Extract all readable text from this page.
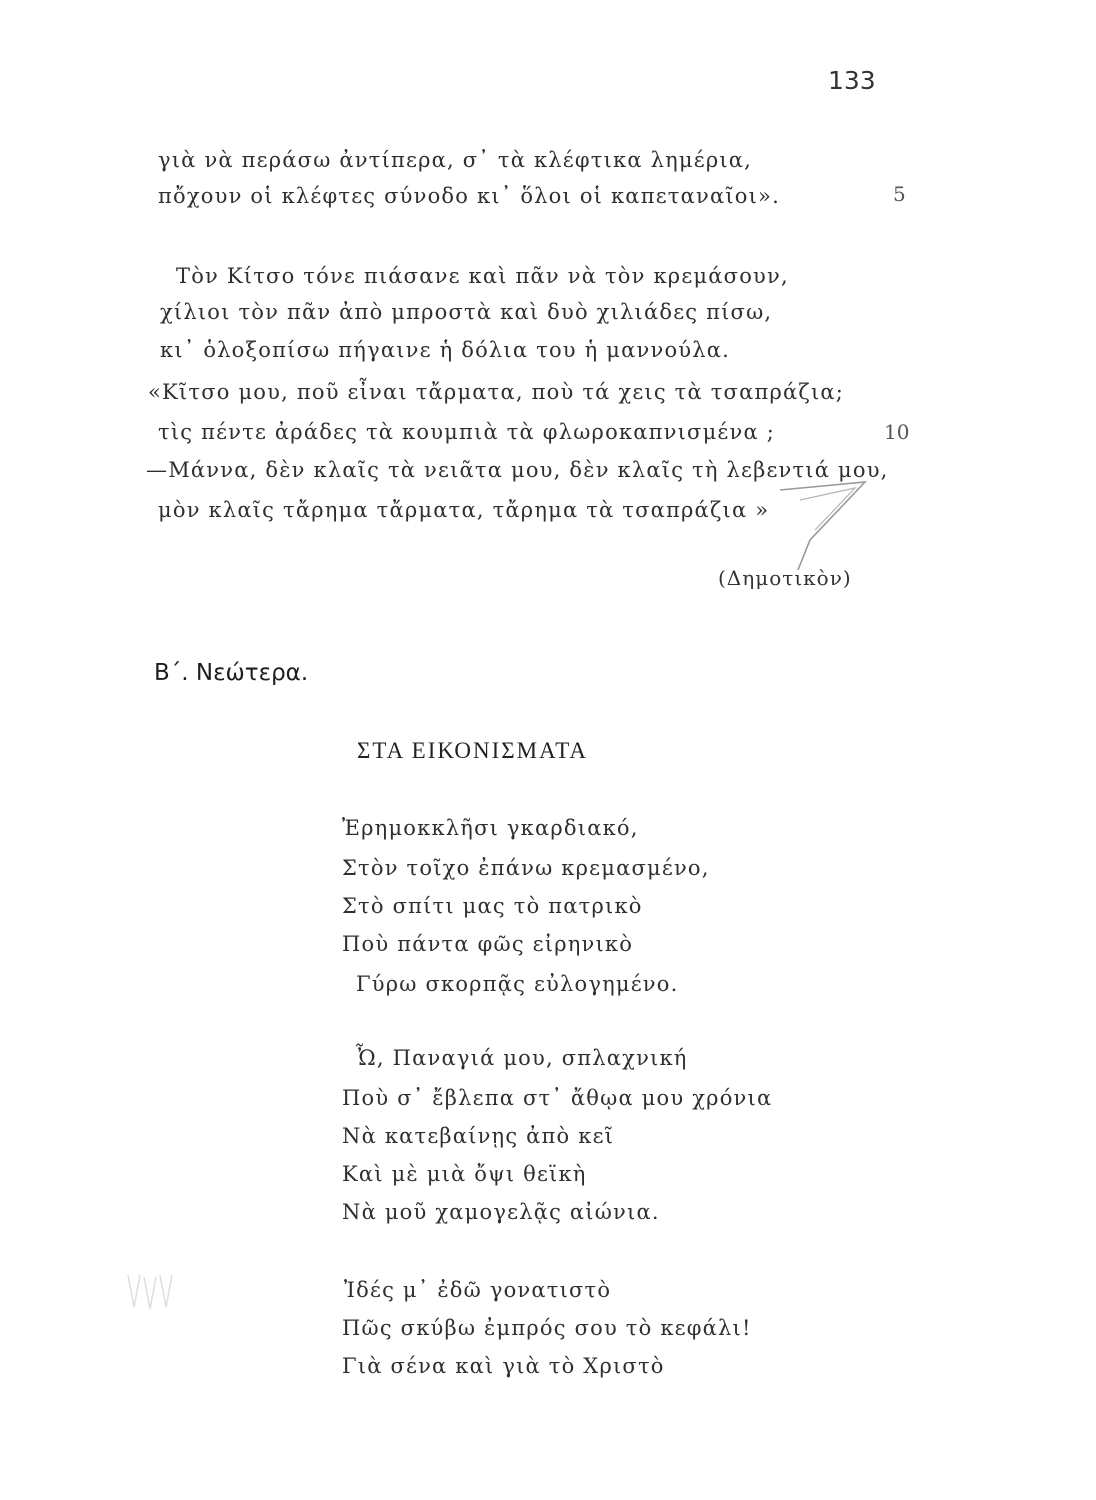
133
γιὰ νὰ περάσω ἀντίπερα, σ᾿ τὰ κλέφτικα λημέρια,
πὄχουν οἱ κλέφτες σύνοδο κι᾿ ὅλοι οἱ καπεταναῖοι».	5
Τὸν Κίτσο τόνε πιάσανε καὶ πᾶν νὰ τὸν κρεμάσουν,
χίλιοι τὸν πᾶν ἀπὸ μπροστὰ καὶ δυὸ χιλιάδες πίσω,
κι᾿ ὁλοξοπίσω πήγαινε ἡ δόλια του ἡ μαννούλα.
«Κῖτσο μου, ποῦ εἶναι τἄρματα, ποὺ τά χεις τὰ τσαπράζια;
τὶς πέντε ἀράδες τὰ κουμπιὰ τὰ φλωροκαπνισμένα ;	10
—Μάννα, δὲν κλαῖς τὰ νειᾶτα μου, δὲν κλαῖς τὴ λεβεντιά μου,
μὸν κλαῖς τἄρημα τἄρματα, τἄρημα τὰ τσαπράζια »
(Δημοτικὸν)
Β΄. Νεώτερα.
ΣΤΑ ΕΙΚΟΝΙΣΜΑΤΑ
Ἐρημοκκλῆσι γκαρδιακό,
Στὸν τοῖχο ἐπάνω κρεμασμένο,
Στὸ σπίτι μας τὸ πατρικὸ
Ποὺ πάντα φῶς εἰρηνικὸ
Γύρω σκορπᾷς εὐλογημένο.
Ὦ, Παναγιά μου, σπλαχνική
Ποὺ σ᾿ ἔβλεπα στ᾿ ἄθῳα μου χρόνια
Νὰ κατεβαίνῃς ἀπὸ κεῖ
Καὶ μὲ μιὰ ὄψι θεϊκὴ
Νὰ μοῦ χαμογελᾷς αἰώνια.
Ἰδές μ᾿ ἐδῶ γονατιστὸ
Πῶς σκύβω ἐμπρός σου τὸ κεφάλι!
Γιὰ σένα καὶ γιὰ τὸ Χριστὸ
